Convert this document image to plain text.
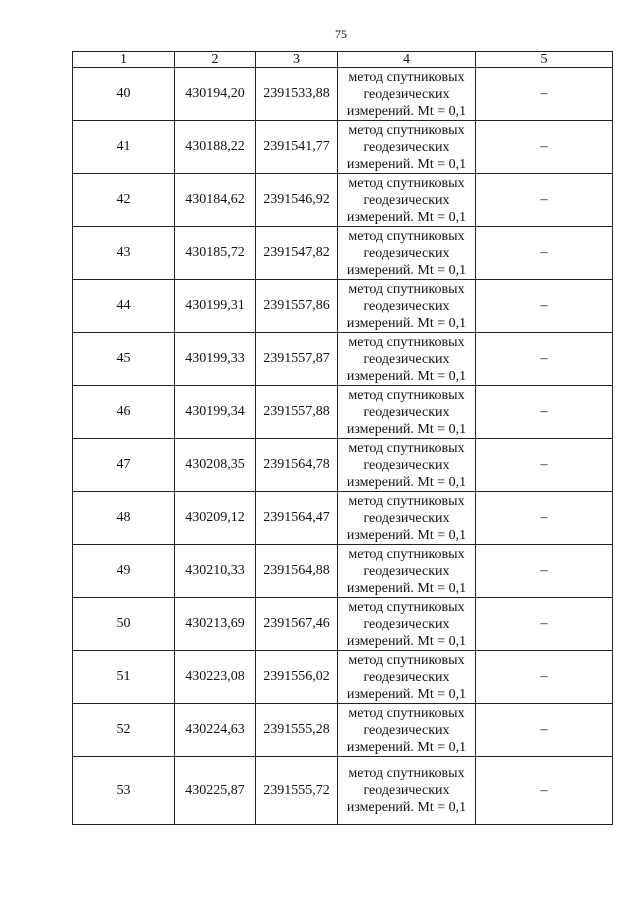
75
1	2	3	4	5
40	430194,20	2391533,88	метод спутниковых
геодезических
измерений. Mt = 0,1	–
41	430188,22	2391541,77	метод спутниковых
геодезических
измерений. Mt = 0,1	–
42	430184,62	2391546,92	метод спутниковых
геодезических
измерений. Mt = 0,1	–
43	430185,72	2391547,82	метод спутниковых
геодезических
измерений. Mt = 0,1	–
44	430199,31	2391557,86	метод спутниковых
геодезических
измерений. Mt = 0,1	–
45	430199,33	2391557,87	метод спутниковых
геодезических
измерений. Mt = 0,1	–
46	430199,34	2391557,88	метод спутниковых
геодезических
измерений. Mt = 0,1	–
47	430208,35	2391564,78	метод спутниковых
геодезических
измерений. Mt = 0,1	–
48	430209,12	2391564,47	метод спутниковых
геодезических
измерений. Mt = 0,1	–
49	430210,33	2391564,88	метод спутниковых
геодезических
измерений. Mt = 0,1	–
50	430213,69	2391567,46	метод спутниковых
геодезических
измерений. Mt = 0,1	–
51	430223,08	2391556,02	метод спутниковых
геодезических
измерений. Mt = 0,1	–
52	430224,63	2391555,28	метод спутниковых
геодезических
измерений. Mt = 0,1	–
53	430225,87	2391555,72	метод спутниковых
геодезических
измерений. Mt = 0,1	–
